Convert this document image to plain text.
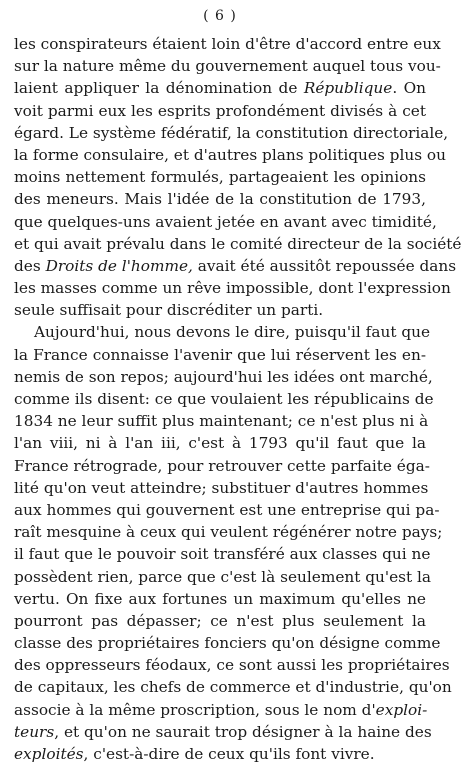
( 6 )
les conspirateurs étaient loin d'être d'accord entre eux
sur la nature même du gouvernement auquel tous vou-
laient appliquer la dénomination de République. On
voit parmi eux les esprits profondément divisés à cet
égard. Le système fédératif, la constitution directoriale,
la forme consulaire, et d'autres plans politiques plus ou
moins nettement formulés, partageaient les opinions
des meneurs. Mais l'idée de la constitution de 1793,
que quelques-uns avaient jetée en avant avec timidité,
et qui avait prévalu dans le comité directeur de la société
des Droits de l'homme, avait été aussitôt repoussée dans
les masses comme un rêve impossible, dont l'expression
seule suffisait pour discréditer un parti.
Aujourd'hui, nous devons le dire, puisqu'il faut que
la France connaisse l'avenir que lui réservent les en-
nemis de son repos; aujourd'hui les idées ont marché,
comme ils disent: ce que voulaient les républicains de
1834 ne leur suffit plus maintenant; ce n'est plus ni à
l'an viii, ni à l'an iii, c'est à 1793 qu'il faut que la
France rétrograde, pour retrouver cette parfaite éga-
lité qu'on veut atteindre; substituer d'autres hommes
aux hommes qui gouvernent est une entreprise qui pa-
raît mesquine à ceux qui veulent régénérer notre pays;
il faut que le pouvoir soit transféré aux classes qui ne
possèdent rien, parce que c'est là seulement qu'est la
vertu. On fixe aux fortunes un maximum qu'elles ne
pourront pas dépasser; ce n'est plus seulement la
classe des propriétaires fonciers qu'on désigne comme
des oppresseurs féodaux, ce sont aussi les propriétaires
de capitaux, les chefs de commerce et d'industrie, qu'on
associe à la même proscription, sous le nom d'exploi-
teurs, et qu'on ne saurait trop désigner à la haine des
exploités, c'est-à-dire de ceux qu'ils font vivre.
